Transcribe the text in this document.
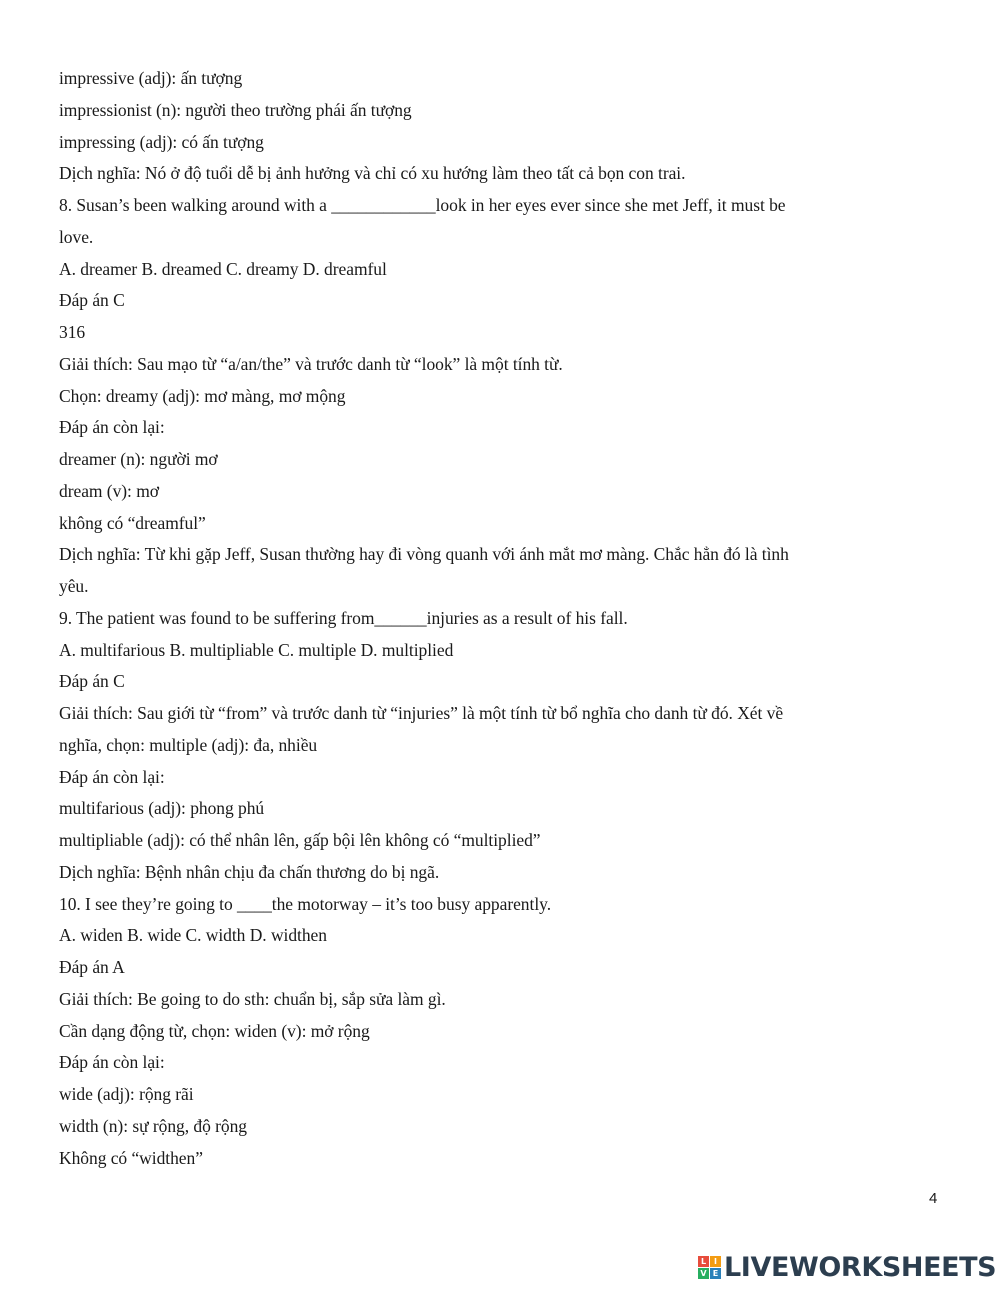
impressive (adj): ấn tượng
impressionist (n): người theo trường phái ấn tượng
impressing (adj): có ấn tượng
Dịch nghĩa: Nó ở độ tuổi dễ bị ảnh hưởng và chỉ có xu hướng làm theo tất cả bọn con trai.
8. Susan’s been walking around with a ____________look in her eyes ever since she met Jeff, it must be
love.
A. dreamer B. dreamed C. dreamy D. dreamful
Đáp án C
316
Giải thích: Sau mạo từ “a/an/the” và trước danh từ “look” là một tính từ.
Chọn: dreamy (adj): mơ màng, mơ mộng
Đáp án còn lại:
dreamer (n): người mơ
dream (v): mơ
không có “dreamful”
Dịch nghĩa: Từ khi gặp Jeff, Susan thường hay đi vòng quanh với ánh mắt mơ màng. Chắc hẳn đó là tình
yêu.
9. The patient was found to be suffering from______injuries as a result of his fall.
A. multifarious B. multipliable C. multiple D. multiplied
Đáp án C
Giải thích: Sau giới từ “from” và trước danh từ “injuries” là một tính từ bổ nghĩa cho danh từ đó. Xét về
nghĩa, chọn: multiple (adj): đa, nhiều
Đáp án còn lại:
multifarious (adj): phong phú
multipliable (adj): có thể nhân lên, gấp bội lên không có “multiplied”
Dịch nghĩa: Bệnh nhân chịu đa chấn thương do bị ngã.
10. I see they’re going to ____the motorway – it’s too busy apparently.
A. widen B. wide C. width D. widthen
Đáp án A
Giải thích: Be going to do sth: chuẩn bị, sắp sửa làm gì.
Cần dạng động từ, chọn: widen (v): mở rộng
Đáp án còn lại:
wide (adj): rộng rãi
width (n): sự rộng, độ rộng
Không có “widthen”
4
L I
V E LIVEWORKSHEETS
